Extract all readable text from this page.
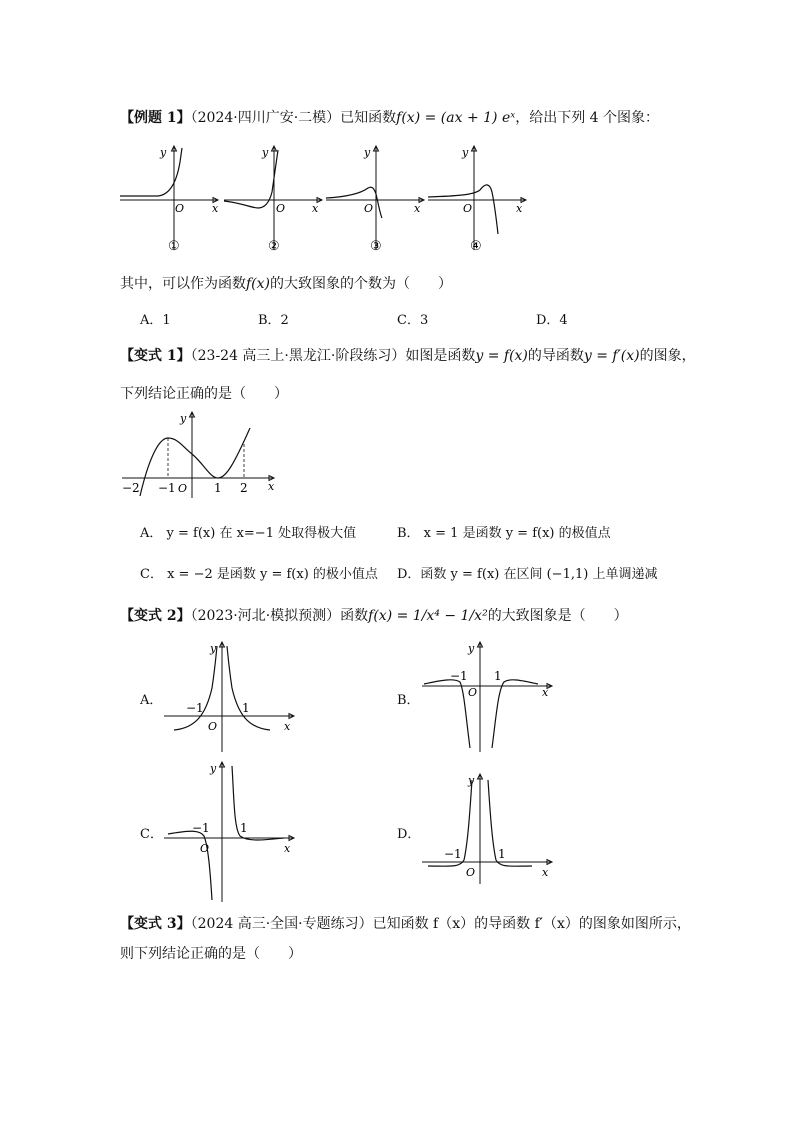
【例题 1】（2024·四川广安·二模）已知函数f(x) = (ax + 1) eˣ，给出下列 4 个图象：
y
x
O
①
y
x
O
②
y
x
O
③
y
x
O
④
其中，可以作为函数f(x)的大致图象的个数为（　　）
A．1	B．2	C．3	D．4
【变式 1】（23-24 高三上·黑龙江·阶段练习）如图是函数y = f(x)的导函数y = f′(x)的图象，
下列结论正确的是（　　）
y
x
−2 −1 O 1 2
A． y = f(x) 在 x=−1 处取得极大值	B． x = 1 是函数 y = f(x) 的极值点
C． x = −2 是函数 y = f(x) 的极小值点 D．函数 y = f(x) 在区间 (−1,1) 上单调递减
【变式 2】（2023·河北·模拟预测）函数f(x) = 1/x⁴ − 1/x²的大致图象是（　　）
A．
y
x
O
−1	1	B．
y
x
O
−1 1
C．
y
x
O
−1	1	D．
y
x
O
−1	1
【变式 3】（2024 高三·全国·专题练习）已知函数 f（x）的导函数 f′（x）的图象如图所示，
则下列结论正确的是（　　）
